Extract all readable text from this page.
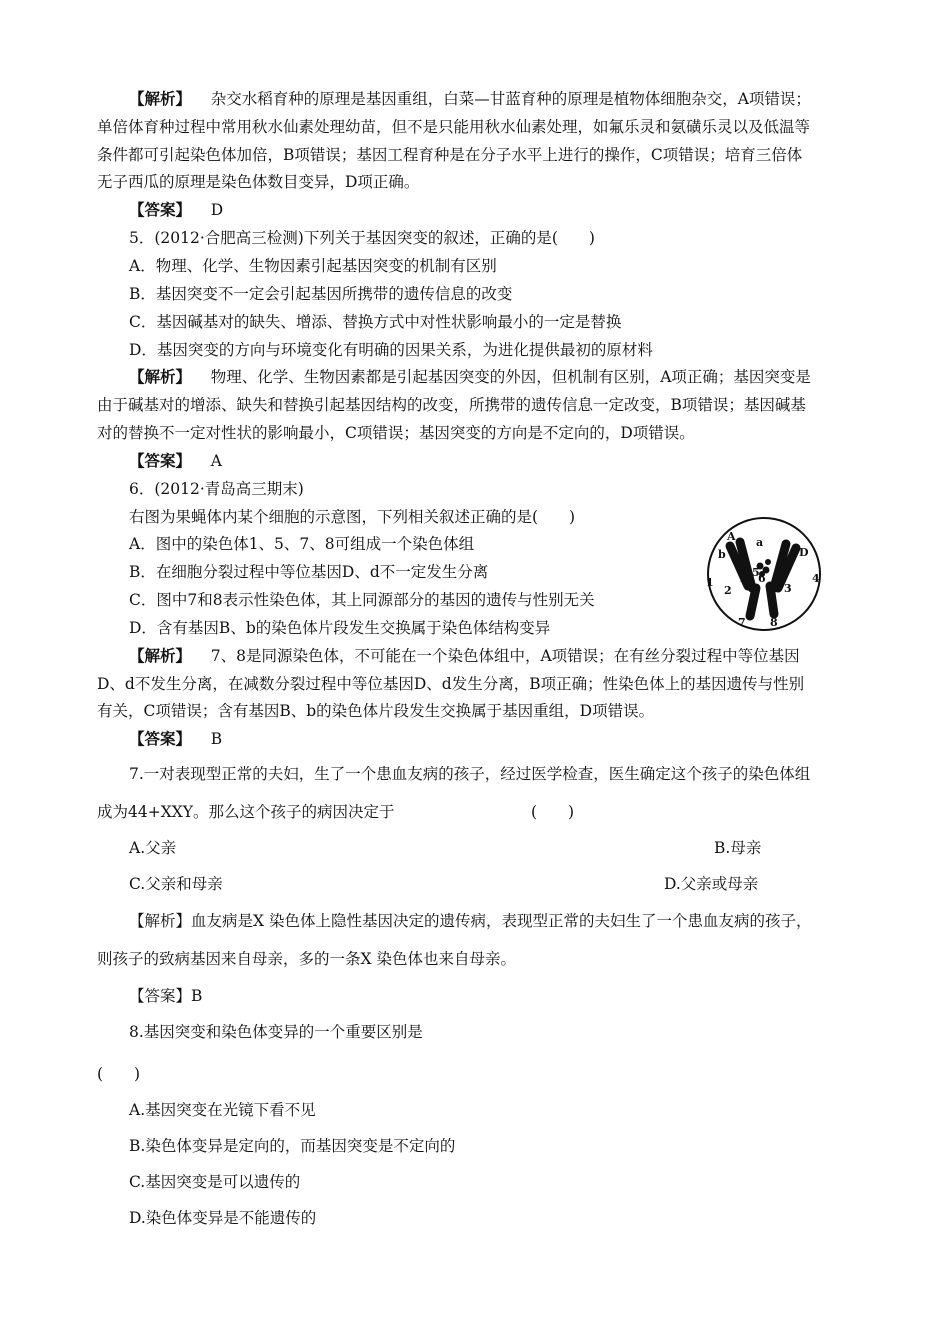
【解析】 杂交水稻育种的原理是基因重组，白菜—甘蓝育种的原理是植物体细胞杂交，A项错误；
单倍体育种过程中常用秋水仙素处理幼苗，但不是只能用秋水仙素处理，如氟乐灵和氨磺乐灵以及低温等
条件都可引起染色体加倍，B项错误；基因工程育种是在分子水平上进行的操作，C项错误；培育三倍体
无子西瓜的原理是染色体数目变异，D项正确。
【答案】 D
5．(2012·合肥高三检测)下列关于基因突变的叙述，正确的是(　　)
A．物理、化学、生物因素引起基因突变的机制有区别
B．基因突变不一定会引起基因所携带的遗传信息的改变
C．基因碱基对的缺失、增添、替换方式中对性状影响最小的一定是替换
D．基因突变的方向与环境变化有明确的因果关系，为进化提供最初的原材料
【解析】 物理、化学、生物因素都是引起基因突变的外因，但机制有区别，A项正确；基因突变是
由于碱基对的增添、缺失和替换引起基因结构的改变，所携带的遗传信息一定改变，B项错误；基因碱基
对的替换不一定对性状的影响最小，C项错误；基因突变的方向是不定向的，D项错误。
【答案】 A
6．(2012·青岛高三期末)
右图为果蝇体内某个细胞的示意图，下列相关叙述正确的是(　　)
A．图中的染色体1、5、7、8可组成一个染色体组
B．在细胞分裂过程中等位基因D、d不一定发生分离
C．图中7和8表示性染色体，其上同源部分的基因的遗传与性别无关
D．含有基因B、b的染色体片段发生交换属于染色体结构变异
A a
b
B
D
d
1
2	3
4
5
6
7 8
【解析】 7、8是同源染色体，不可能在一个染色体组中，A项错误；在有丝分裂过程中等位基因
D、d不发生分离，在减数分裂过程中等位基因D、d发生分离，B项正确；性染色体上的基因遗传与性别
有关，C项错误；含有基因B、b的染色体片段发生交换属于基因重组，D项错误。
【答案】 B
7.一对表现型正常的夫妇，生了一个患血友病的孩子，经过医学检查，医生确定这个孩子的染色体组
成为44+XXY。那么这个孩子的病因决定于	(　　)
A.父亲	B.母亲
C.父亲和母亲	D.父亲或母亲
【解析】血友病是X 染色体上隐性基因决定的遗传病，表现型正常的夫妇生了一个患血友病的孩子，
则孩子的致病基因来自母亲，多的一条X 染色体也来自母亲。
【答案】B
8.基因突变和染色体变异的一个重要区别是
(　　)
A.基因突变在光镜下看不见
B.染色体变异是定向的，而基因突变是不定向的
C.基因突变是可以遗传的
D.染色体变异是不能遗传的
